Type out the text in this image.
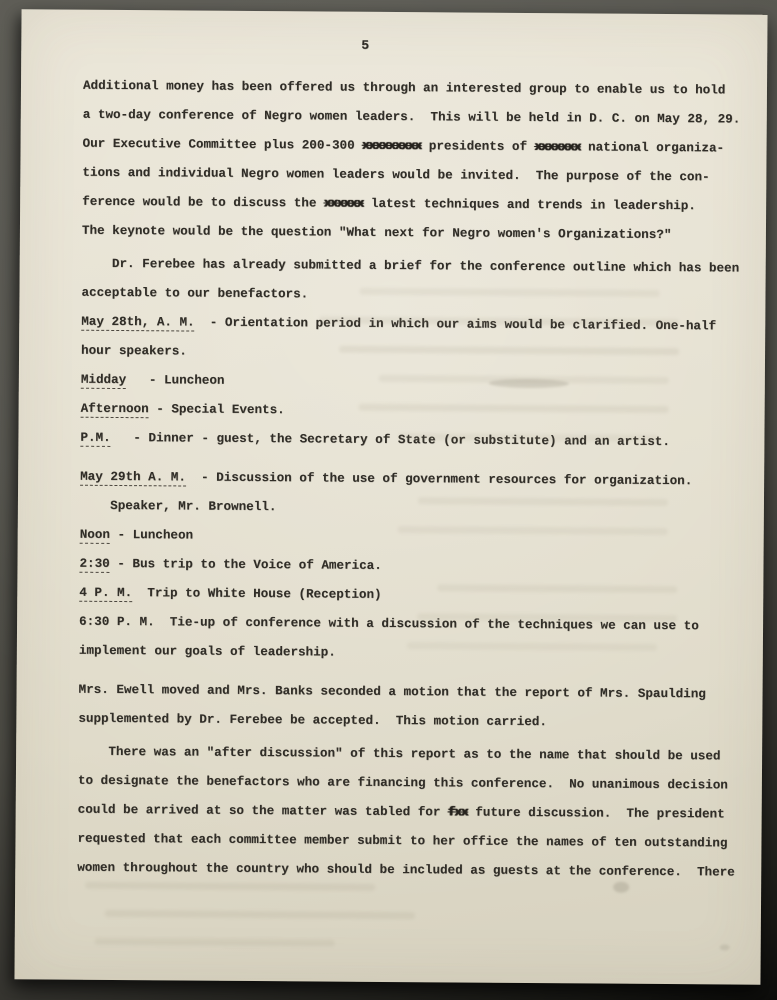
5
Additional money has been offered us through an interested group to enable us to hold
a two-day conference of Negro women leaders.  This will be held in D. C. on May 28, 29.
Our Executive Committee plus 200-300 xxxxxxxxx presidents of xxxxxxx national organiza-
tions and individual Negro women leaders would be invited.  The purpose of the con-
ference would be to discuss the xxxxxx latest techniques and trends in leadership.
The keynote would be the question "What next for Negro women's Organizations?"
Dr. Ferebee has already submitted a brief for the conference outline which has been
acceptable to our benefactors.
May 28th, A. M.  - Orientation period in which our aims would be clarified. One-half
hour speakers.
Midday   - Luncheon
Afternoon - Special Events.
P.M.   - Dinner - guest, the Secretary of State (or substitute) and an artist.
May 29th A. M.  - Discussion of the use of government resources for organization.
Speaker, Mr. Brownell.
Noon - Luncheon
2:30 - Bus trip to the Voice of America.
4 P. M.  Trip to White House (Reception)
6:30 P. M.  Tie-up of conference with a discussion of the techniques we can use to
implement our goals of leadership.
Mrs. Ewell moved and Mrs. Banks seconded a motion that the report of Mrs. Spaulding
supplemented by Dr. Ferebee be accepted.  This motion carried.
There was an "after discussion" of this report as to the name that should be used
to designate the benefactors who are financing this conference.  No unanimous decision
could be arrived at so the matter was tabled for fxx future discussion.  The president
requested that each committee member submit to her office the names of ten outstanding
women throughout the country who should be included as guests at the conference.  There
